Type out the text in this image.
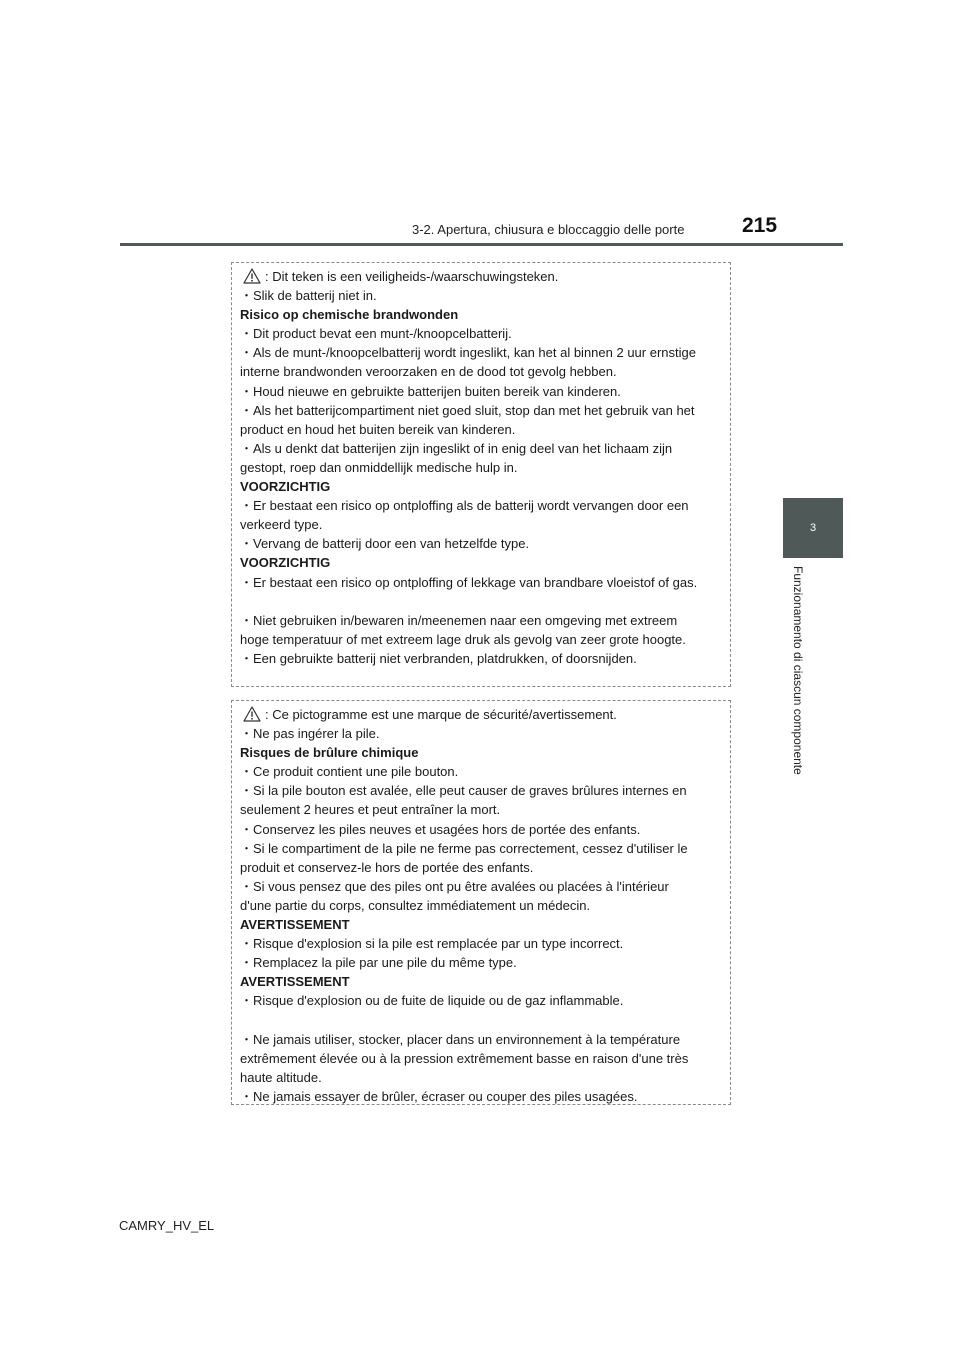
3-2. Apertura, chiusura e bloccaggio delle porte	215
3
Funzionamento di ciascun componente
: Dit teken is een veiligheids-/waarschuwingsteken.
・Slik de batterij niet in.
Risico op chemische brandwonden
・Dit product bevat een munt-/knoopcelbatterij.
・Als de munt-/knoopcelbatterij wordt ingeslikt, kan het al binnen 2 uur ernstige
interne brandwonden veroorzaken en de dood tot gevolg hebben.
・Houd nieuwe en gebruikte batterijen buiten bereik van kinderen.
・Als het batterijcompartiment niet goed sluit, stop dan met het gebruik van het
product en houd het buiten bereik van kinderen.
・Als u denkt dat batterijen zijn ingeslikt of in enig deel van het lichaam zijn
gestopt, roep dan onmiddellijk medische hulp in.
VOORZICHTIG
・Er bestaat een risico op ontploffing als de batterij wordt vervangen door een
verkeerd type.
・Vervang de batterij door een van hetzelfde type.
VOORZICHTIG
・Er bestaat een risico op ontploffing of lekkage van brandbare vloeistof of gas.
・Niet gebruiken in/bewaren in/meenemen naar een omgeving met extreem
hoge temperatuur of met extreem lage druk als gevolg van zeer grote hoogte.
・Een gebruikte batterij niet verbranden, platdrukken, of doorsnijden.
: Ce pictogramme est une marque de sécurité/avertissement.
・Ne pas ingérer la pile.
Risques de brûlure chimique
・Ce produit contient une pile bouton.
・Si la pile bouton est avalée, elle peut causer de graves brûlures internes en
seulement 2 heures et peut entraîner la mort.
・Conservez les piles neuves et usagées hors de portée des enfants.
・Si le compartiment de la pile ne ferme pas correctement, cessez d'utiliser le
produit et conservez-le hors de portée des enfants.
・Si vous pensez que des piles ont pu être avalées ou placées à l'intérieur
d'une partie du corps, consultez immédiatement un médecin.
AVERTISSEMENT
・Risque d'explosion si la pile est remplacée par un type incorrect.
・Remplacez la pile par une pile du même type.
AVERTISSEMENT
・Risque d'explosion ou de fuite de liquide ou de gaz inflammable.
・Ne jamais utiliser, stocker, placer dans un environnement à la température
extrêmement élevée ou à la pression extrêmement basse en raison d'une très
haute altitude.
・Ne jamais essayer de brûler, écraser ou couper des piles usagées.
CAMRY_HV_EL
